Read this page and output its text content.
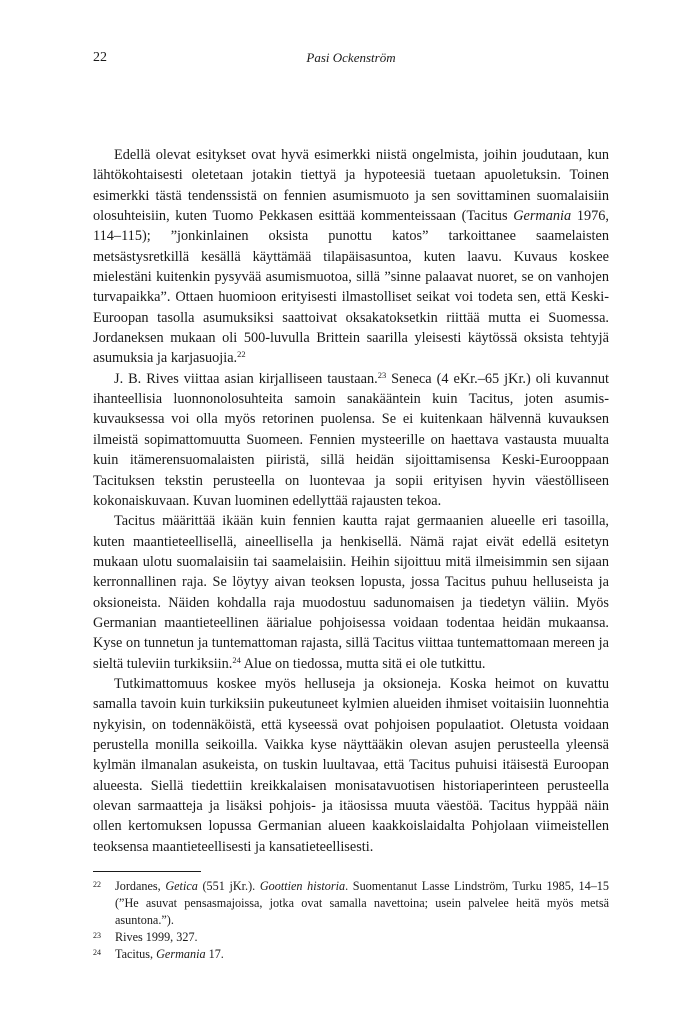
22	Pasi Ockenström

Edellä olevat esitykset ovat hyvä esimerkki niistä ongelmista, joihin joudutaan, kun lähtökohtaisesti oletetaan jotakin tiettyä ja hypoteesiä tuetaan apuoletuksin. Toinen esimerkki tästä tendenssistä on fennien asumismuoto ja sen sovittaminen suomalaisiin olosuhteisiin, kuten Tuomo Pekkasen esittää kommenteissaan (Tacitus Germania 1976, 114–115); ”jonkinlainen oksista punottu katos” tarkoittanee saamelaisten metsästysretkillä kesällä käyttämää tilapäisasuntoa, kuten laavu. Kuvaus koskee mielestäni kuitenkin pysyvää asumismuotoa, sillä ”sinne palaavat nuoret, se on vanhojen turvapaikka”. Ottaen huomioon erityisesti ilmastolliset seikat voi todeta sen, että Keski-Euroopan tasolla asumuksiksi saattoivat oksakatoksetkin riittää mutta ei Suomessa. Jordaneksen mukaan oli 500-luvulla Brittein saarilla yleisesti käytössä oksista tehtyjä asumuksia ja karjasuojia.$^{22}$

J. B. Rives viittaa asian kirjalliseen taustaan.$^{23}$ Seneca (4 eKr.–65 jKr.) oli kuvannut ihanteellisia luonnonolosuhteita samoin sanakääntein kuin Tacitus, joten asumiskuvauksessa voi olla myös retorinen puolensa. Se ei kuitenkaan hälvennä kuvauksen ilmeistä sopimattomuutta Suomeen. Fennien mysteerille on haettava vastausta muualta kuin itämerensuomalaisten piiristä, sillä heidän sijoittamisensa Keski-Eurooppaan Tacituksen tekstin perusteella on luontevaa ja sopii erityisen hyvin väestölliseen kokonaiskuvaan. Kuvan luominen edellyttää rajausten tekoa.

Tacitus määrittää ikään kuin fennien kautta rajat germaanien alueelle eri tasoilla, kuten maantieteellisellä, aineellisella ja henkisellä. Nämä rajat eivät edellä esitetyn mukaan ulotu suomalaisiin tai saamelaisiin. Heihin sijoittuu mitä ilmeisimmin sen sijaan kerronnallinen raja. Se löytyy aivan teoksen lopusta, jossa Tacitus puhuu helluseista ja oksioneista. Näiden kohdalla raja muodostuu sadunomaisen ja tiedetyn väliin. Myös Germanian maantieteellinen äärialue pohjoisessa voidaan todentaa heidän mukaansa. Kyse on tunnetun ja tuntemattoman rajasta, sillä Tacitus viittaa tuntemattomaan mereen ja sieltä tuleviin turkiksiin.$^{24}$ Alue on tiedossa, mutta sitä ei ole tutkittu.

Tutkimattomuus koskee myös helluseja ja oksioneja. Koska heimot on kuvattu samalla tavoin kuin turkiksiin pukeutuneet kylmien alueiden ihmiset voitaisiin luonnehtia nykyisin, on todennäköistä, että kyseessä ovat pohjoisen populaatiot. Oletusta voidaan perustella monilla seikoilla. Vaikka kyse näyttääkin olevan asujen perusteella yleensä kylmän ilmanalan asukeista, on tuskin luultavaa, että Tacitus puhuisi itäisestä Euroopan alueesta. Siellä tiedettiin kreikkalaisen monisatavuotisen historiaperinteen perusteella olevan sarmaatteja ja lisäksi pohjois- ja itäosissa muuta väestöä. Tacitus hyppää näin ollen kertomuksen lopussa Germanian alueen kaakkoislaidalta Pohjolaan viimeistellen teoksensa maantieteellisesti ja kansatieteellisesti.

22	Jordanes, Getica (551 jKr.). Goottien historia. Suomentanut Lasse Lindström, Turku 1985, 14–15 (”He asuvat pensasmajoissa, jotka ovat samalla navettoina; usein palvelee heitä myös metsä asuntona.”).
23	Rives 1999, 327.
24	Tacitus, Germania 17.
